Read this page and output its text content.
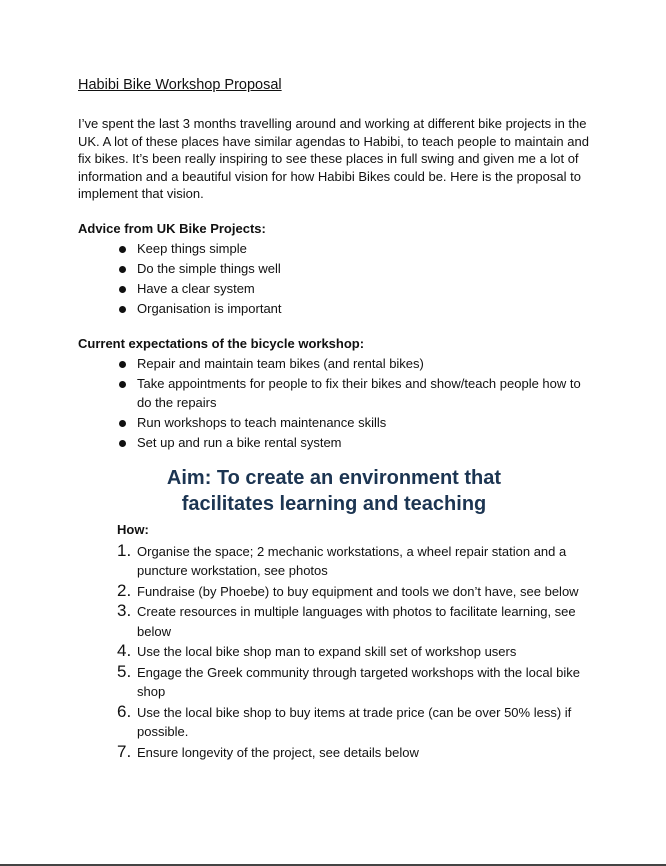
Habibi Bike Workshop Proposal

I’ve spent the last 3 months travelling around and working at different bike projects in the UK. A lot of these places have similar agendas to Habibi, to teach people to maintain and fix bikes. It’s been really inspiring to see these places in full swing and given me a lot of information and a beautiful vision for how Habibi Bikes could be. Here is the proposal to implement that vision.

Advice from UK Bike Projects:

Keep things simple
Do the simple things well
Have a clear system
Organisation is important

Current expectations of the bicycle workshop:

Repair and maintain team bikes (and rental bikes)
Take appointments for people to fix their bikes and show/teach people how to do the repairs
Run workshops to teach maintenance skills
Set up and run a bike rental system
Aim: To create an environment that
facilitates learning and teaching

How:

1. Organise the space; 2 mechanic workstations, a wheel repair station and a puncture workstation, see photos
2. Fundraise (by Phoebe) to buy equipment and tools we don’t have, see below
3. Create resources in multiple languages with photos to facilitate learning, see below
4. Use the local bike shop man to expand skill set of workshop users
5. Engage the Greek community through targeted workshops with the local bike shop
6. Use the local bike shop to buy items at trade price (can be over 50% less) if possible.
7. Ensure longevity of the project, see details below
